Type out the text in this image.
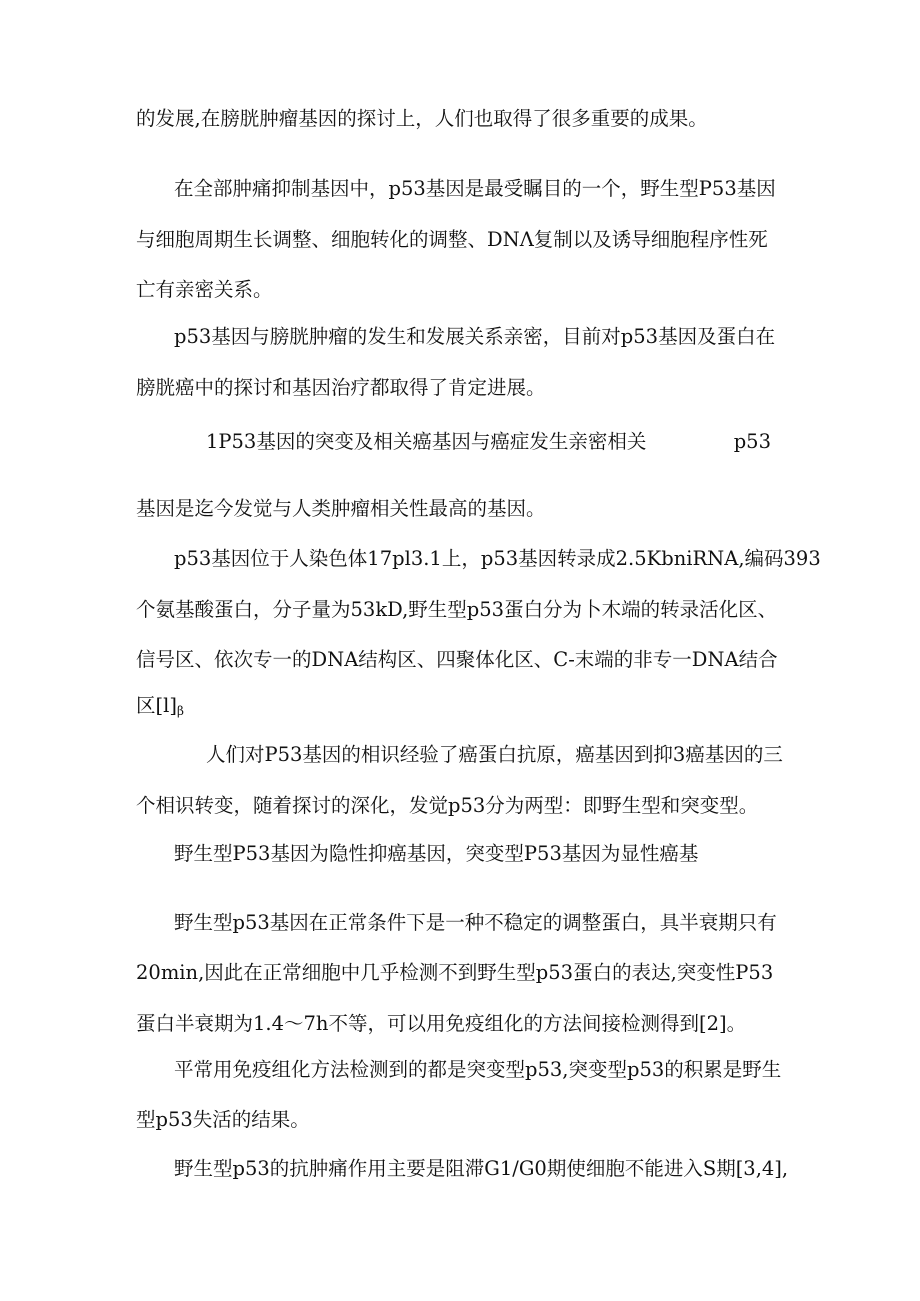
的发展,在膀胱肿瘤基因的探讨上，人们也取得了很多重要的成果。
在全部肿痛抑制基因中，p53基因是最受瞩目的一个，野生型P53基因
与细胞周期生长调整、细胞转化的调整、DNΛ复制以及诱导细胞程序性死
亡有亲密关系。
p53基因与膀胱肿瘤的发生和发展关系亲密，目前对p53基因及蛋白在
膀胱癌中的探讨和基因治疗都取得了肯定进展。
1P53基因的突变及相关癌基因与癌症发生亲密相关	p53
基因是迄今发觉与人类肿瘤相关性最高的基因。
p53基因位于人染色体17pl3.1上，p53基因转录成2.5KbniRNA,编码393
个氨基酸蛋白，分子量为53kD,野生型p53蛋白分为卜木端的转录活化区、
信号区、依次专一的DNA结构区、四聚体化区、C-末端的非专一DNA结合
区$[l]_\beta$
人们对P53基因的相识经验了癌蛋白抗原，癌基因到抑3癌基因的三
个相识转变，随着探讨的深化，发觉p53分为两型：即野生型和突变型。
野生型P53基因为隐性抑癌基因，突变型P53基因为显性癌基
野生型p53基因在正常条件下是一种不稳定的调整蛋白，具半衰期只有
20min,因此在正常细胞中几乎检测不到野生型p53蛋白的表达,突变性P53
蛋白半衰期为1.4～7h不等，可以用免疫组化的方法间接检测得到[2]。
平常用免疫组化方法检测到的都是突变型p53,突变型p53的积累是野生
型p53失活的结果。
野生型p53的抗肿痛作用主要是阻滞G1/G0期使细胞不能进入S期[3,4],
